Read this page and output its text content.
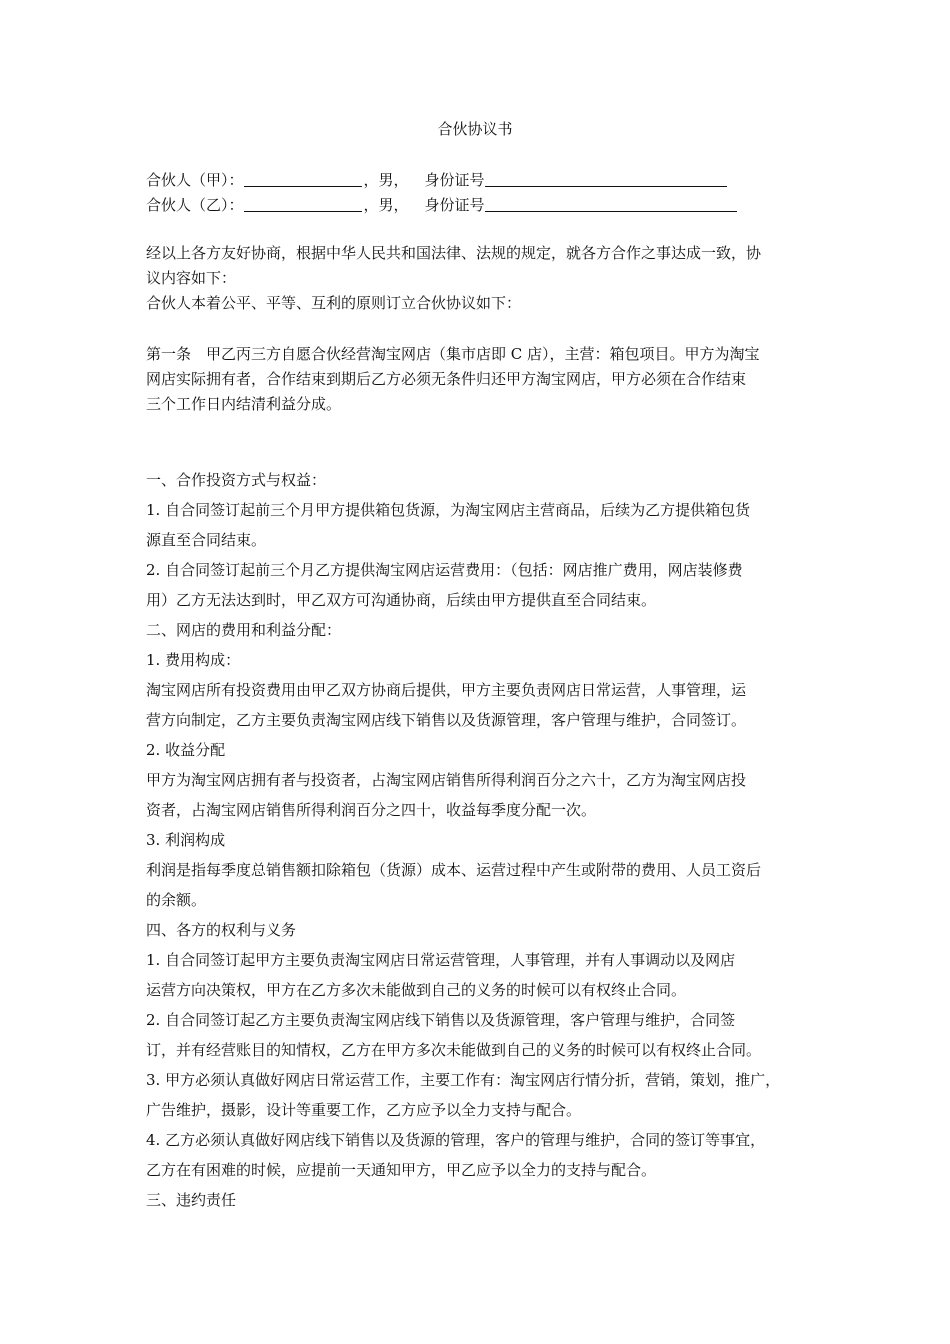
合伙协议书
合伙人（甲）：	，男， 身份证号
合伙人（乙）：	，男， 身份证号
经以上各方友好协商，根据中华人民共和国法律、法规的规定，就各方合作之事达成一致，协
议内容如下：
合伙人本着公平、平等、互利的原则订立合伙协议如下：
第一条　甲乙丙三方自愿合伙经营淘宝网店（集市店即 C 店），主营：箱包项目。甲方为淘宝
网店实际拥有者，合作结束到期后乙方必须无条件归还甲方淘宝网店，甲方必须在合作结束
三个工作日内结清利益分成。
一、合作投资方式与权益：
1. 自合同签订起前三个月甲方提供箱包货源，为淘宝网店主营商品，后续为乙方提供箱包货
源直至合同结束。
2. 自合同签订起前三个月乙方提供淘宝网店运营费用：（包括：网店推广费用，网店装修费
用）乙方无法达到时，甲乙双方可沟通协商，后续由甲方提供直至合同结束。
二、网店的费用和利益分配：
1. 费用构成：
淘宝网店所有投资费用由甲乙双方协商后提供，甲方主要负责网店日常运营，人事管理，运
营方向制定，乙方主要负责淘宝网店线下销售以及货源管理，客户管理与维护，合同签订。
2. 收益分配
甲方为淘宝网店拥有者与投资者，占淘宝网店销售所得利润百分之六十，乙方为淘宝网店投
资者，占淘宝网店销售所得利润百分之四十，收益每季度分配一次。
3. 利润构成
利润是指每季度总销售额扣除箱包（货源）成本、运营过程中产生或附带的费用、人员工资后
的余额。
四、各方的权利与义务
1. 自合同签订起甲方主要负责淘宝网店日常运营管理，人事管理，并有人事调动以及网店
运营方向决策权，甲方在乙方多次未能做到自己的义务的时候可以有权终止合同。
2. 自合同签订起乙方主要负责淘宝网店线下销售以及货源管理，客户管理与维护，合同签
订，并有经营账目的知情权，乙方在甲方多次未能做到自己的义务的时候可以有权终止合同。
3. 甲方必须认真做好网店日常运营工作，主要工作有：淘宝网店行情分折，营销，策划，推广，
广告维护，摄影，设计等重要工作，乙方应予以全力支持与配合。
4. 乙方必须认真做好网店线下销售以及货源的管理，客户的管理与维护，合同的签订等事宜，
乙方在有困难的时候，应提前一天通知甲方，甲乙应予以全力的支持与配合。
三、违约责任
